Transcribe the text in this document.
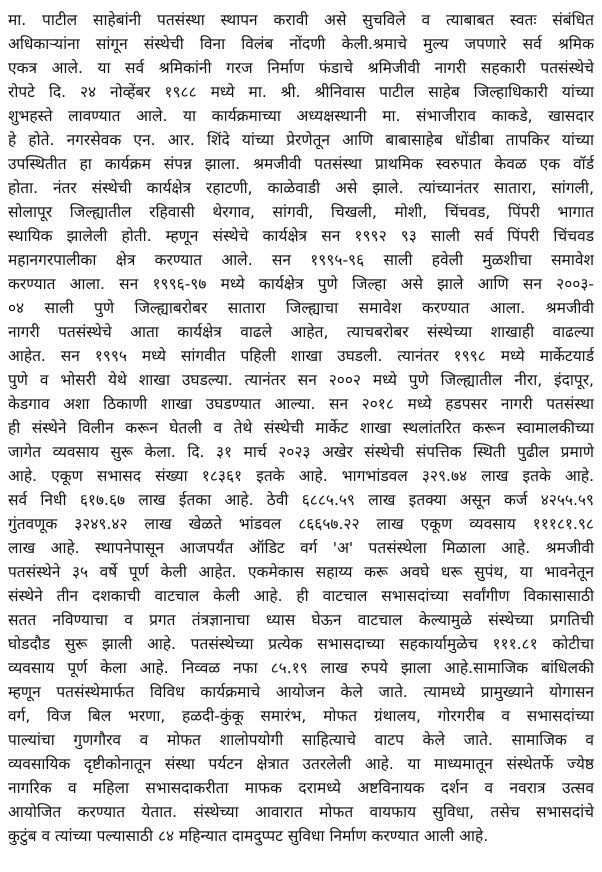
मा. पाटील साहेबांनी पतसंस्था स्थापन करावी असे सुचविले व त्याबाबत स्वतः संबंधित
अधिकाऱ्यांना सांगून संस्थेची विना विलंब नोंदणी केली.श्रमाचे मुल्य जपणारे सर्व श्रमिक
एकत्र आले. या सर्व श्रमिकांनी गरज निर्माण फंडाचे श्रमिजीवी नागरी सहकारी पतसंस्थेचे
रोपटे दि. २४ नोव्हेंबर १९८८ मध्ये मा. श्री. श्रीनिवास पाटील साहेब जिल्हाधिकारी यांच्या
शुभहस्ते लावण्यात आले. या कार्यक्रमाच्या अध्यक्षस्थानी मा. संभाजीराव काकडे, खासदार
हे होते. नगरसेवक एन. आर. शिंदे यांच्या प्रेरणेतून आणि बाबासाहेब धोंडीबा तापकिर यांच्या
उपस्थितीत हा कार्यक्रम संपन्न झाला. श्रमजीवी पतसंस्था प्राथमिक स्वरुपात केवळ एक वॉर्ड
होता. नंतर संस्थेची कार्यक्षेत्र रहाटणी, काळेवाडी असे झाले. त्यांच्यानंतर सातारा, सांगली,
सोलापूर जिल्ह्यातील रहिवासी थेरगाव, सांगवी, चिखली, मोशी, चिंचवड, पिंपरी भागात
स्थायिक झालेली होती. म्हणून संस्थेचे कार्यक्षेत्र सन १९९२ ९३ साली सर्व पिंपरी चिंचवड
महानगरपालीका क्षेत्र करण्यात आले. सन १९९५-९६ साली हवेली मुळशीचा समावेश
करण्यात आला. सन १९९६-९७ मध्ये कार्यक्षेत्र पुणे जिल्हा असे झाले आणि सन २००३-
०४ साली पुणे जिल्ह्याबरोबर सातारा जिल्ह्याचा समावेश करण्यात आला. श्रमजीवी
नागरी पतसंस्थेचे आता कार्यक्षेत्र वाढले आहेत, त्याचबरोबर संस्थेच्या शाखाही वाढल्या
आहेत. सन १९९५ मध्ये सांगवीत पहिली शाखा उघडली. त्यानंतर १९९८ मध्ये मार्केटयार्ड
पुणे व भोसरी येथे शाखा उघडल्या. त्यानंतर सन २००२ मध्ये पुणे जिल्ह्यातील नीरा, इंदापूर,
केडगाव अशा ठिकाणी शाखा उघडण्यात आल्या. सन २०१८ मध्ये हडपसर नागरी पतसंस्था
ही संस्थेने विलीन करून घेतली व तेथे संस्थेची मार्केट शाखा स्थलांतरित करून स्वामालकीच्या
जागेत व्यवसाय सुरू केला. दि. ३१ मार्च २०२३ अखेर संस्थेची संपत्तिक स्थिती पुढील प्रमाणे
आहे. एकूण सभासद संख्या १८३६१ इतके आहे. भागभांडवल ३२९.७४ लाख इतके आहे.
सर्व निधी ६१७.६७ लाख ईतका आहे. ठेवी ६८८५.५९ लाख इतक्या असून कर्ज ४२५५.५९
गुंतवणूक ३२४९.४२ लाख खेळते भांडवल ८६६५७.२२ लाख एकूण व्यवसाय १११८१.९८
लाख आहे. स्थापनेपासून आजपर्यंत ऑडिट वर्ग 'अ' पतसंस्थेला मिळाला आहे. श्रमजीवी
पतसंस्थेने ३५ वर्षे पूर्ण केली आहेत. एकमेकास सहाय्य करू अवघे धरू सुपंथ, या भावनेतून
संस्थेने तीन दशकाची वाटचाल केली आहे. ही वाटचाल सभासदांच्या सर्वांगीण विकासासाठी
सतत नविण्याचा व प्रगत तंत्रज्ञानाचा ध्यास घेऊन वाटचाल केल्यामुळे संस्थेच्या प्रगतिची
घोडदौड सुरू झाली आहे. पतसंस्थेच्या प्रत्येक सभासदाच्या सहकार्यामुळेच १११.८१ कोटीचा
व्यवसाय पूर्ण केला आहे. निव्वळ नफा ८५.१९ लाख रुपये झाला आहे.सामाजिक बांधिलकी
म्हणून पतसंस्थेमार्फत विविध कार्यक्रमाचे आयोजन केले जाते. त्यामध्ये प्रामुख्याने योगासन
वर्ग, विज बिल भरणा, हळदी-कुंकू समारंभ, मोफत ग्रंथालय, गोरगरीब व सभासदांच्या
पाल्यांचा गुणगौरव व मोफत शालोपयोगी साहित्याचे वाटप केले जाते. सामाजिक व
व्यवसायिक दृष्टीकोनातून संस्था पर्यटन क्षेत्रात उतरलेली आहे. या माध्यमातून संस्थेतर्फे ज्येष्ठ
नागरिक व महिला सभासदाकरीता माफक दरामध्ये अष्टविनायक दर्शन व नवरात्र उत्सव
आयोजित करण्यात येतात. संस्थेच्या आवारात मोफत वायफाय सुविधा, तसेच सभासदांचे
कुटुंब व त्यांच्या पल्यासाठी ८४ महिन्यात दामदुप्पट सुविधा निर्माण करण्यात आली आहे.
